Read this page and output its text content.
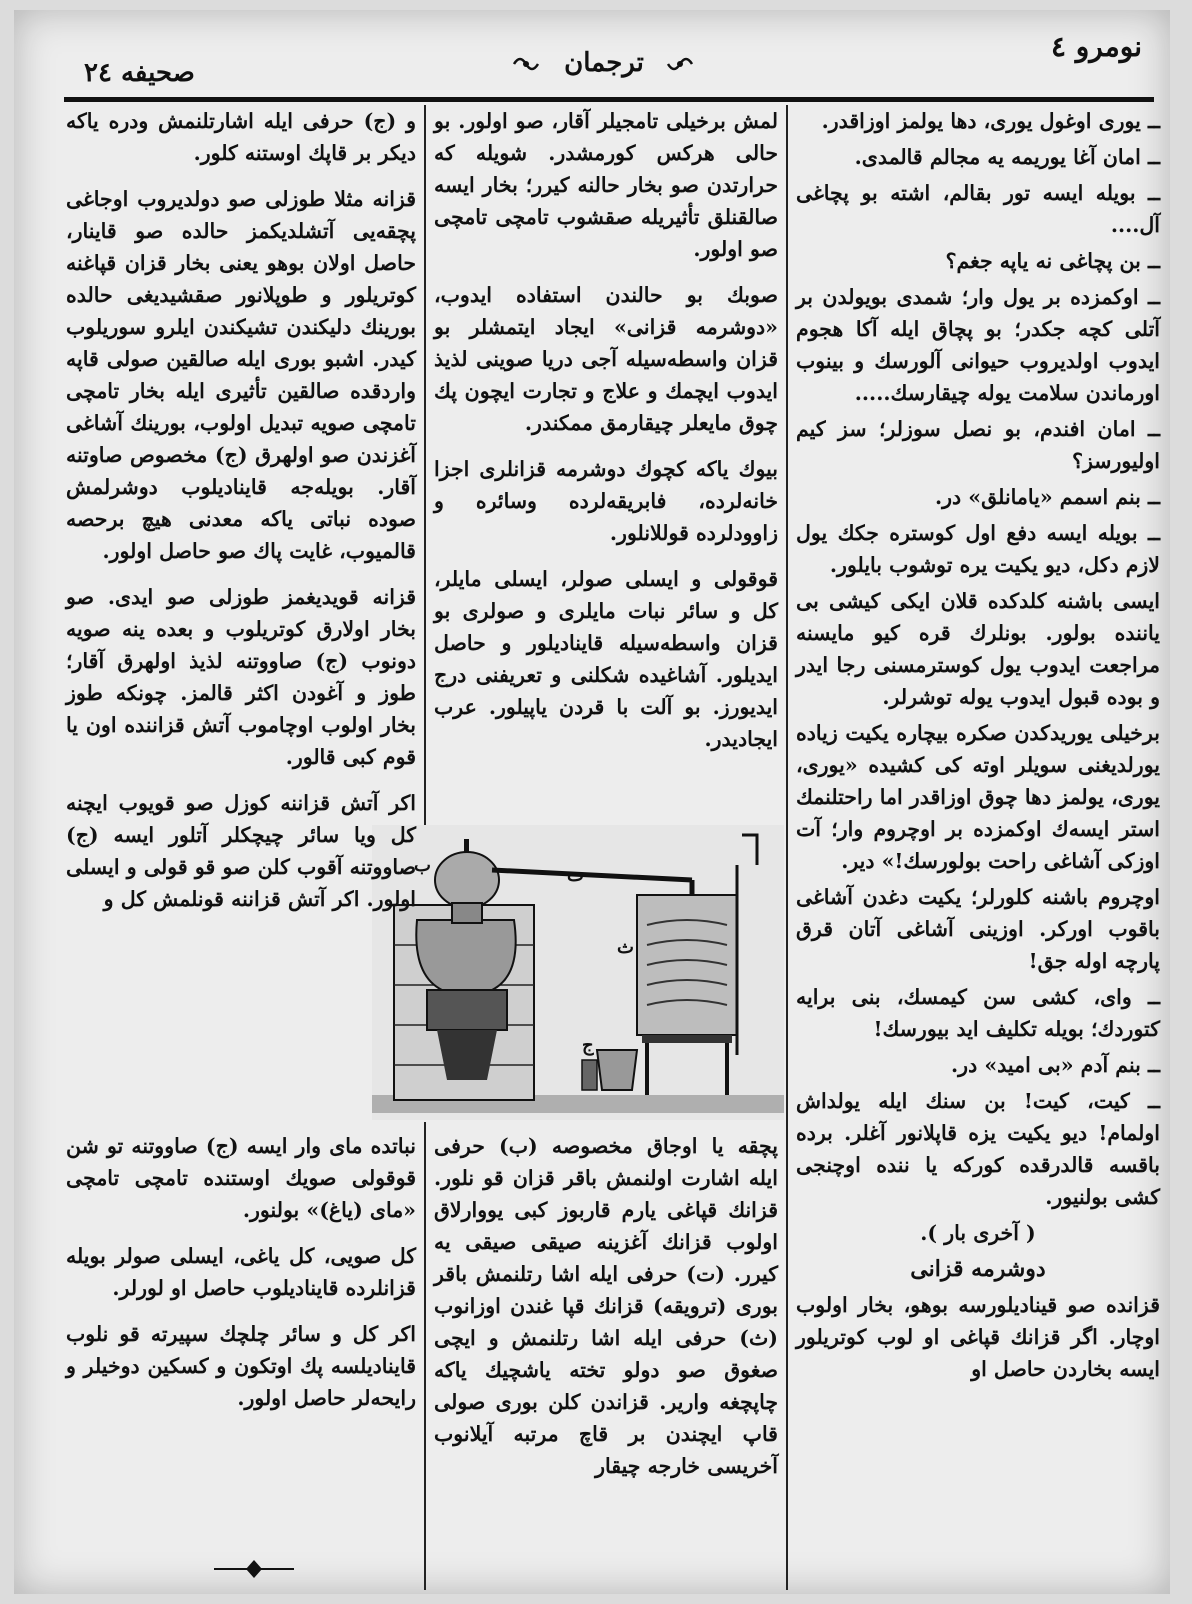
صحیفه ٢٤	ترجمان	نومرو ٤

ــ یوری اوغول یوری، دها یولمز اوزاقدر.

ــ امان آغا یوریمه یه مجالم قالمدی.

ــ بویله ایسه تور بقالم، اشته بو پچاغی آل....

ــ بن پچاغی نه یاپه جغم؟

ــ اوکمزده بر یول وار؛ شمدی بویولدن بر آتلی کچه جکدر؛ بو پچاق ایله آکا هجوم ایدوب اولدیروب حیوانی آلورسك و بینوب اورماندن سلامت یوله چیقارسك.....

ــ امان افندم، بو نصل سوزلر؛ سز کیم اولیورسز؟

ــ بنم اسمم «یامانلق» در.

ــ بویله ایسه دفع اول کوستره جکك یول لازم دکل، دیو یکیت یره توشوب بایلور.

ایسی باشنه کلدکده قلان ایکی کیشی بی یاننده بولور. بونلرك قره کیو مایسنه مراجعت ایدوب یول کوسترمسنی رجا ایدر و بوده قبول ایدوب یوله توشرلر.

برخیلی یوریدکدن صکره بیچاره یکیت زیاده یورلدیغنی سویلر اوته کی کشیده «یوری، یوری، یولمز دها چوق اوزاقدر اما راحتلنمك استر ایسه‌ك اوکمزده بر اوچروم وار؛ آت اوزکی آشاغی راحت بولورسك!» دیر.

اوچروم باشنه کلورلر؛ یکیت دغدن آشاغی باقوب اورکر. اوزینی آشاغی آتان قرق پارچه اوله جق!

ــ وای، کشی سن کیمسك، بنی برایه کتوردك؛ بویله تکلیف اید بیورسك!

ــ بنم آدم «بی امید» در.

ــ کیت، کیت! بن سنك ایله یولداش اولمام! دیو یکیت یزه قاپلانور آغلر. برده باقسه قالدرقده کورکه یا ننده اوچنجی کشی بولنیور.

( آخری بار ).

دوشرمه قزانی

قزانده صو قینادیلورسه بوهو، بخار اولوب اوچار. اگر قزانك قپاغی او لوب کوتریلور ایسه بخاردن حاصل او

لمش برخیلی تامجیلر آقار، صو اولور. بو حالی هرکس کورمشدر. شویله که حرارتدن صو بخار حالنه کیرر؛ بخار ایسه صالقنلق تأثیریله صقشوب تامچی تامچی صو اولور.

صوبك بو حالندن استفاده ایدوب، «دوشرمه قزانی» ایجاد ایتمشلر بو قزان واسطه‌سیله آجی دریا صوینی لذیذ ایدوب ایچمك و علاج و تجارت ایچون پك چوق مایعلر چیقارمق ممکندر.

بیوك یاکه کچوك دوشرمه قزانلری اجزا خانه‌لرده، فابریقه‌لرده وسائره و زاوودلرده قوللانلور.

قوقولی و ایسلی صولر، ایسلی مایلر، کل و سائر نبات مایلری و صولری بو قزان واسطه‌سیله قایناديلور و حاصل ایدیلور. آشاغیده شکلنی و تعریفنی درج ایدیورز. بو آلت با قردن یاپیلور. عرب ایجادیدر.

ب	ت
ث
ج

پچقه یا اوجاق مخصوصه (ب) حرفی ایله اشارت اولنمش باقر قزان قو نلور. قزانك قپاغی یارم قاربوز کبی یووارلاق اولوب قزانك آغزینه صیقی صیقی یه کیرر. (ت) حرفی ایله اشا رتلنمش باقر بوری (ترویقه) قزانك قپا غندن اوزانوب (ث) حرفی ایله اشا رتلنمش و ایچی صغوق صو دولو تخته یاشچیك یاکه چاپچغه واریر. قزاندن کلن بوری صولی قاپ ایچندن بر قاچ مرتبه آیلانوب آخریسی خارجه چیقار

و (ج) حرفی ایله اشارتلنمش ودره یاکه دیکر بر قاپك اوستنه کلور.

قزانه مثلا طوزلی صو دولدیروب اوجاغی پچقه‌یی آتشلدیکمز حالده صو قاینار، حاصل اولان بوهو یعنی بخار قزان قپاغنه کوتریلور و طوپلانور صقشیدیغی حالده بورینك دلیکندن تشیکندن ایلرو سوریلوب کیدر. اشبو بوری ایله صالقین صولی قاپه واردقده صالقین تأثیری ایله بخار تامچی تامچی صویه تبدیل اولوب، بورینك آشاغی آغزندن صو اولهرق (ج) مخصوص صاوتنه آقار. بویله‌جه قایناديلوب دوشرلمش صوده نباتی یاکه معدنی هیچ برحصه قالمیوب، غایت پاك صو حاصل اولور.

قزانه قویدیغمز طوزلی صو ایدی. صو بخار اولارق کوتریلوب و بعده ینه صویه دونوب (ج) صاووتنه لذیذ اولهرق آقار؛ طوز و آغودن اکثر قالمز. چونکه طوز بخار اولوب اوچاموب آتش قزاننده اون یا قوم کبی قالور.

اکر آتش قزاننه کوزل صو قویوب ایچنه کل ویا سائر چیچکلر آتلور ایسه (ج) صاووتنه آقوب کلن صو قو قولی و ایسلی اولور. اکر آتش قزاننه قونلمش کل و

نباتده مای وار ایسه (ج) صاووتنه تو شن قوقولی صویك اوستنده تامچی تامچی «مای (یاغ)» بولنور.

کل صویی، کل یاغی، ایسلی صولر بویله قزانلرده قایناديلوب حاصل او لورلر.

اکر کل و سائر چلچك سپیرته قو نلوب قایناديلسه پك اوتکون و کسکین دوخیلر و رایحه‌لر حاصل اولور.
